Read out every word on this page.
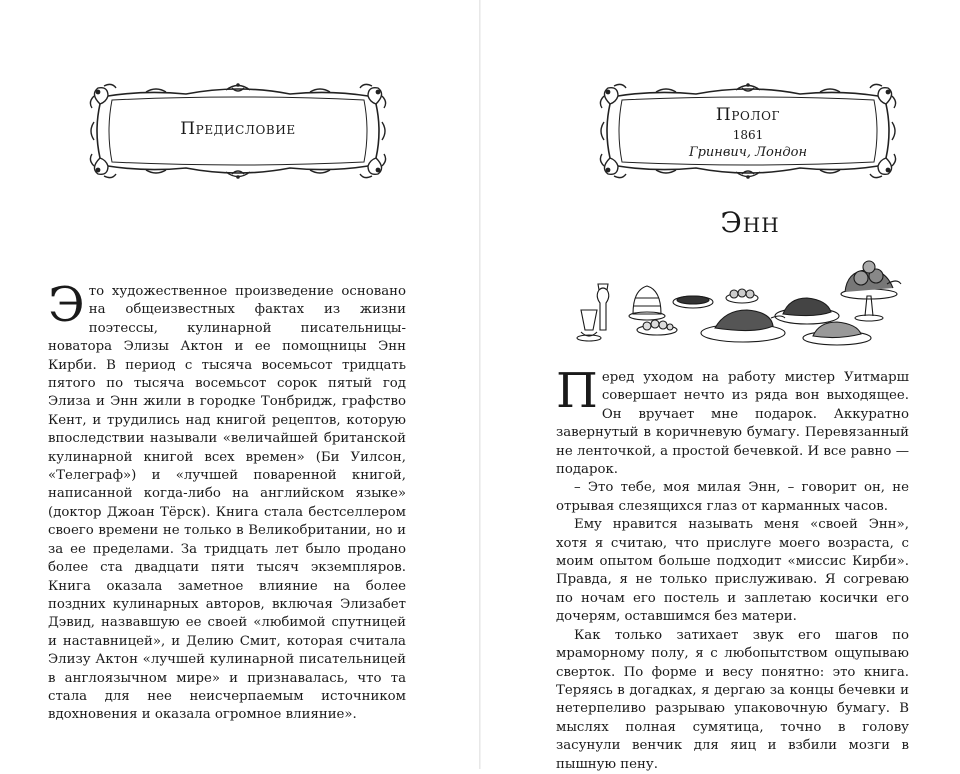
Предисловие

Это художественное произведение основано на общеизвестных фактах из жизни поэтессы, кулинарной писательницы-новатора Элизы Актон и ее помощницы Энн Кирби. В период с тысяча восемьсот тридцать пятого по тысяча восемьсот сорок пятый год Элиза и Энн жили в городке Тонбридж, графство Кент, и трудились над книгой рецептов, которую впоследствии называли «величайшей британской кулинарной книгой всех времен» (Би Уилсон, «Телеграф») и «лучшей поваренной книгой, написанной когда-либо на английском языке» (доктор Джоан Тёрск). Книга стала бестселлером своего времени не только в Великобритании, но и за ее пределами. За тридцать лет было продано более ста двадцати пяти тысяч экземпляров. Книга оказала заметное влияние на более поздних кулинарных авторов, включая Элизабет Дэвид, назвавшую ее своей «любимой спутницей и наставницей», и Делию Смит, которая считала Элизу Актон «лучшей кулинарной писательницей в англоязычном мире» и признавалась, что та стала для нее неисчерпаемым источником вдохновения и оказала огромное влияние».

Пролог
1861
Гринвич, Лондон
Энн

Перед уходом на работу мистер Уитмарш совершает нечто из ряда вон выходящее. Он вручает мне подарок. Аккуратно завернутый в коричневую бумагу. Перевязанный не ленточкой, а простой бечевкой. И все равно — подарок.

– Это тебе, моя милая Энн, – говорит он, не отрывая слезящихся глаз от карманных часов.

Ему нравится называть меня «своей Энн», хотя я считаю, что прислуге моего возраста, с моим опытом больше подходит «миссис Кирби». Правда, я не только прислуживаю. Я согреваю по ночам его постель и заплетаю косички его дочерям, оставшимся без матери.

Как только затихает звук его шагов по мраморному полу, я с любопытством ощупываю сверток. По форме и весу понятно: это книга. Теряясь в догадках, я дергаю за концы бечевки и нетерпеливо разрываю упаковочную бумагу. В мыслях полная сумятица, точно в голову засунули венчик для яиц и взбили мозги в пышную пену.
